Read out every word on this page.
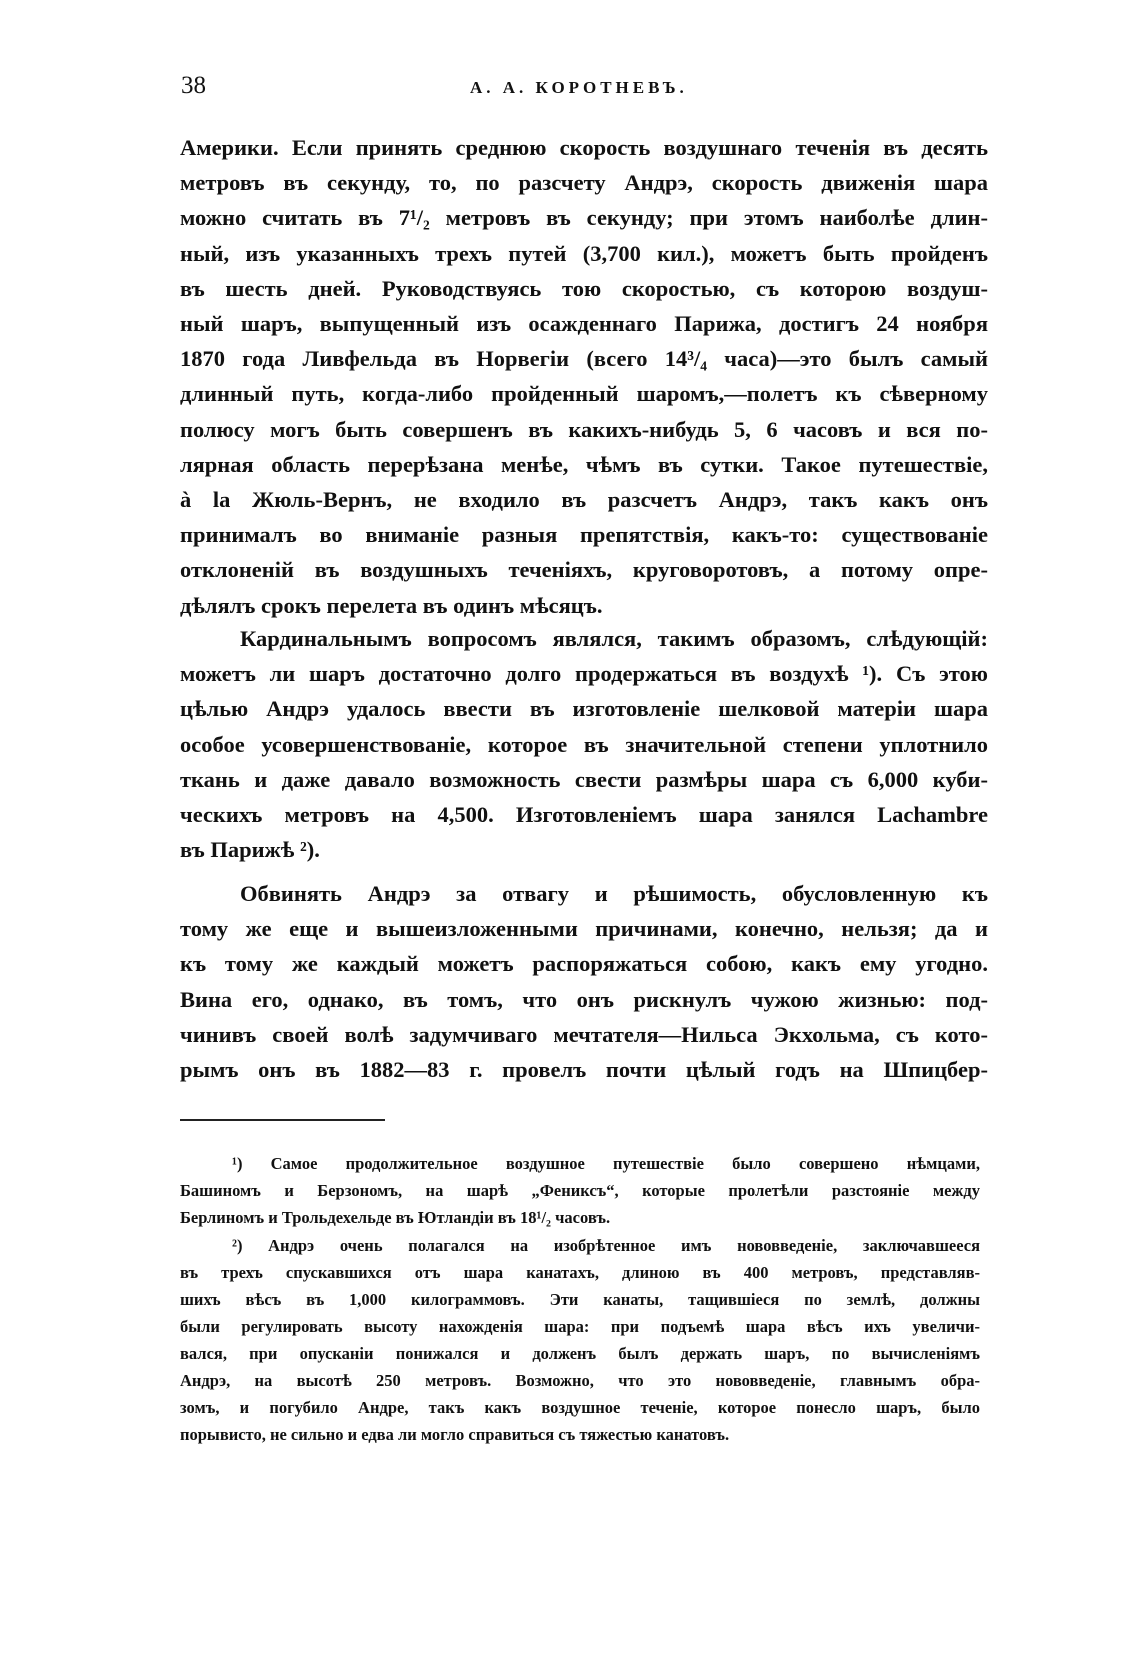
38	А. А. КОРОТНЕВЪ.
Америки. Если принять среднюю скорость воздушнаго теченія въ десять
метровъ въ секунду, то, по разсчету Андрэ, скорость движенія шара
можно считать въ 7¹/₂ метровъ въ секунду; при этомъ наиболѣе длин-
ный, изъ указанныхъ трехъ путей (3,700 кил.), можетъ быть пройденъ
въ шесть дней. Руководствуясь тою скоростью, съ которою воздуш-
ный шаръ, выпущенный изъ осажденнаго Парижа, достигъ 24 ноября
1870 года Ливфельда въ Норвегіи (всего 14³/₄ часа)—это былъ самый
длинный путь, когда-либо пройденный шаромъ,—полетъ къ сѣверному
полюсу могъ быть совершенъ въ какихъ-нибудь 5, 6 часовъ и вся по-
лярная область перерѣзана менѣе, чѣмъ въ сутки. Такое путешествіе,
à la Жюль-Вернъ, не входило въ разсчетъ Андрэ, такъ какъ онъ
принималъ во вниманіе разныя препятствія, какъ-то: существованіе
отклоненій въ воздушныхъ теченіяхъ, круговоротовъ, а потому опре-
дѣлялъ срокъ перелета въ одинъ мѣсяцъ.
Кардинальнымъ вопросомъ являлся, такимъ образомъ, слѣдующій:
можетъ ли шаръ достаточно долго продержаться въ воздухѣ ¹). Съ этою
цѣлью Андрэ удалось ввести въ изготовленіе шелковой матеріи шара
особое усовершенствованіе, которое въ значительной степени уплотнило
ткань и даже давало возможность свести размѣры шара съ 6,000 куби-
ческихъ метровъ на 4,500. Изготовленіемъ шара занялся Lachambre
въ Парижѣ ²).
Обвинять Андрэ за отвагу и рѣшимость, обусловленную къ
тому же еще и вышеизложенными причинами, конечно, нельзя; да и
къ тому же каждый можетъ распоряжаться собою, какъ ему угодно.
Вина его, однако, въ томъ, что онъ рискнулъ чужою жизнью: под-
чинивъ своей волѣ задумчиваго мечтателя—Нильса Экхольма, съ кото-
рымъ онъ въ 1882—83 г. провелъ почти цѣлый годъ на Шпицбер-
¹) Самое продолжительное воздушное путешествіе было совершено нѣмцами,
Башиномъ и Берзономъ, на шарѣ „Фениксъ“, которые пролетѣли разстояніе между
Берлиномъ и Трольдехельде въ Ютландіи въ 18¹/₂ часовъ.
²) Андрэ очень полагался на изобрѣтенное имъ нововведеніе, заключавшееся
въ трехъ спускавшихся отъ шара канатахъ, длиною въ 400 метровъ, представляв-
шихъ вѣсъ въ 1,000 килограммовъ. Эти канаты, тащившіеся по землѣ, должны
были регулировать высоту нахожденія шара: при подъемѣ шара вѣсъ ихъ увеличи-
вался, при опусканіи понижался и долженъ былъ держать шаръ, по вычисленіямъ
Андрэ, на высотѣ 250 метровъ. Возможно, что это нововведеніе, главнымъ обра-
зомъ, и погубило Андре, такъ какъ воздушное теченіе, которое понесло шаръ, было
порывисто, не сильно и едва ли могло справиться съ тяжестью канатовъ.
